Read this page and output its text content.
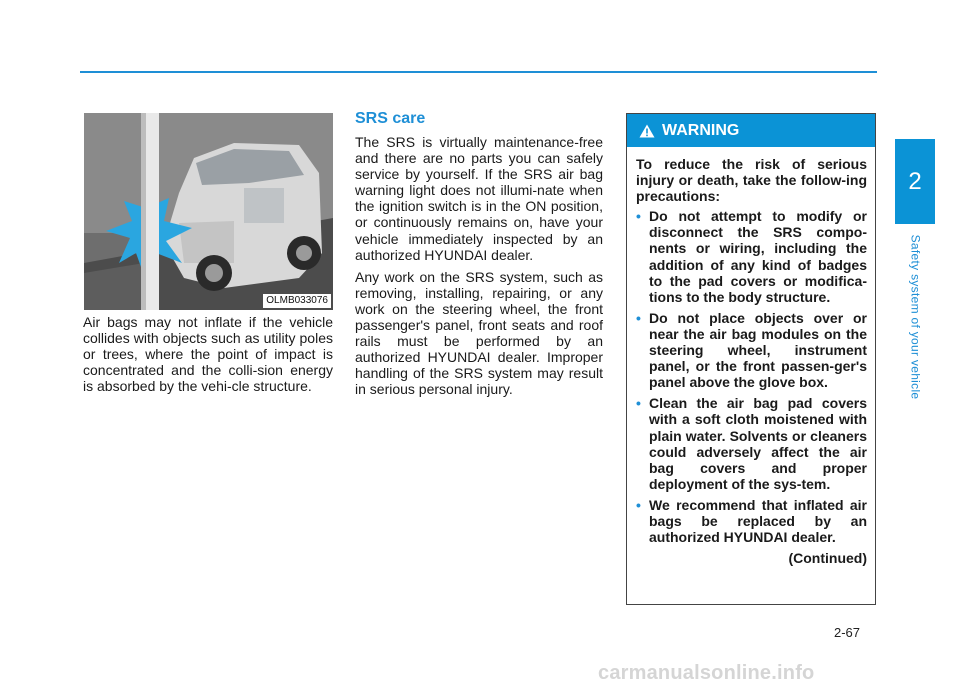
2
Safety system of your vehicle
OLMB033076
Air bags may not inflate if the vehicle collides with objects such as utility poles or trees, where the point of impact is concentrated and the colli-sion energy is absorbed by the vehi-cle structure.
SRS care

The SRS is virtually maintenance-free and there are no parts you can safely service by yourself. If the SRS air bag warning light does not illumi-nate when the ignition switch is in the ON position, or continuously remains on, have your vehicle immediately inspected by an authorized HYUNDAI dealer.

Any work on the SRS system, such as removing, installing, repairing, or any work on the steering wheel, the front passenger's panel, front seats and roof rails must be performed by an authorized HYUNDAI dealer. Improper handling of the SRS system may result in serious personal injury.

WARNING

To reduce the risk of serious injury or death, take the follow-ing precautions:

• Do not attempt to modify or disconnect the SRS compo-nents or wiring, including the addition of any kind of badges to the pad covers or modifica-tions to the body structure.
• Do not place objects over or near the air bag modules on the steering wheel, instrument panel, or the front passen-ger's panel above the glove box.
• Clean the air bag pad covers with a soft cloth moistened with plain water. Solvents or cleaners could adversely affect the air bag covers and proper deployment of the sys-tem.
• We recommend that inflated air bags be replaced by an authorized HYUNDAI dealer.
(Continued)
2-67
carmanualsonline.info
